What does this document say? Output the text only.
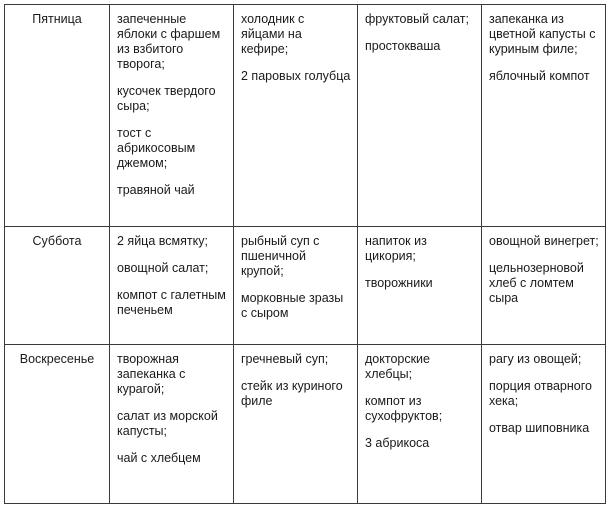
Пятница	запеченные яблоки с фаршем из взбитого творога;
кусочек твердого сыра;
тост с абрикосовым джемом;
травяной чай	холодник с яйцами на кефире;
2 паровых голубца	фруктовый салат;
простокваша	запеканка из цветной капусты с куриным филе;
яблочный компот

Суббота	2 яйца всмятку;
овощной салат;
компот с галетным печеньем	рыбный суп с пшеничной крупой;
морковные зразы с сыром	напиток из цикория;
творожники	овощной винегрет;
цельнозерновой хлеб с ломтем сыра

Воскресенье	творожная запеканка с курагой;
салат из морской капусты;
чай с хлебцем	гречневый суп;
стейк из куриного филе	докторские хлебцы;
компот из сухофруктов;
3 абрикоса	рагу из овощей;
порция отварного хека;
отвар шиповника
